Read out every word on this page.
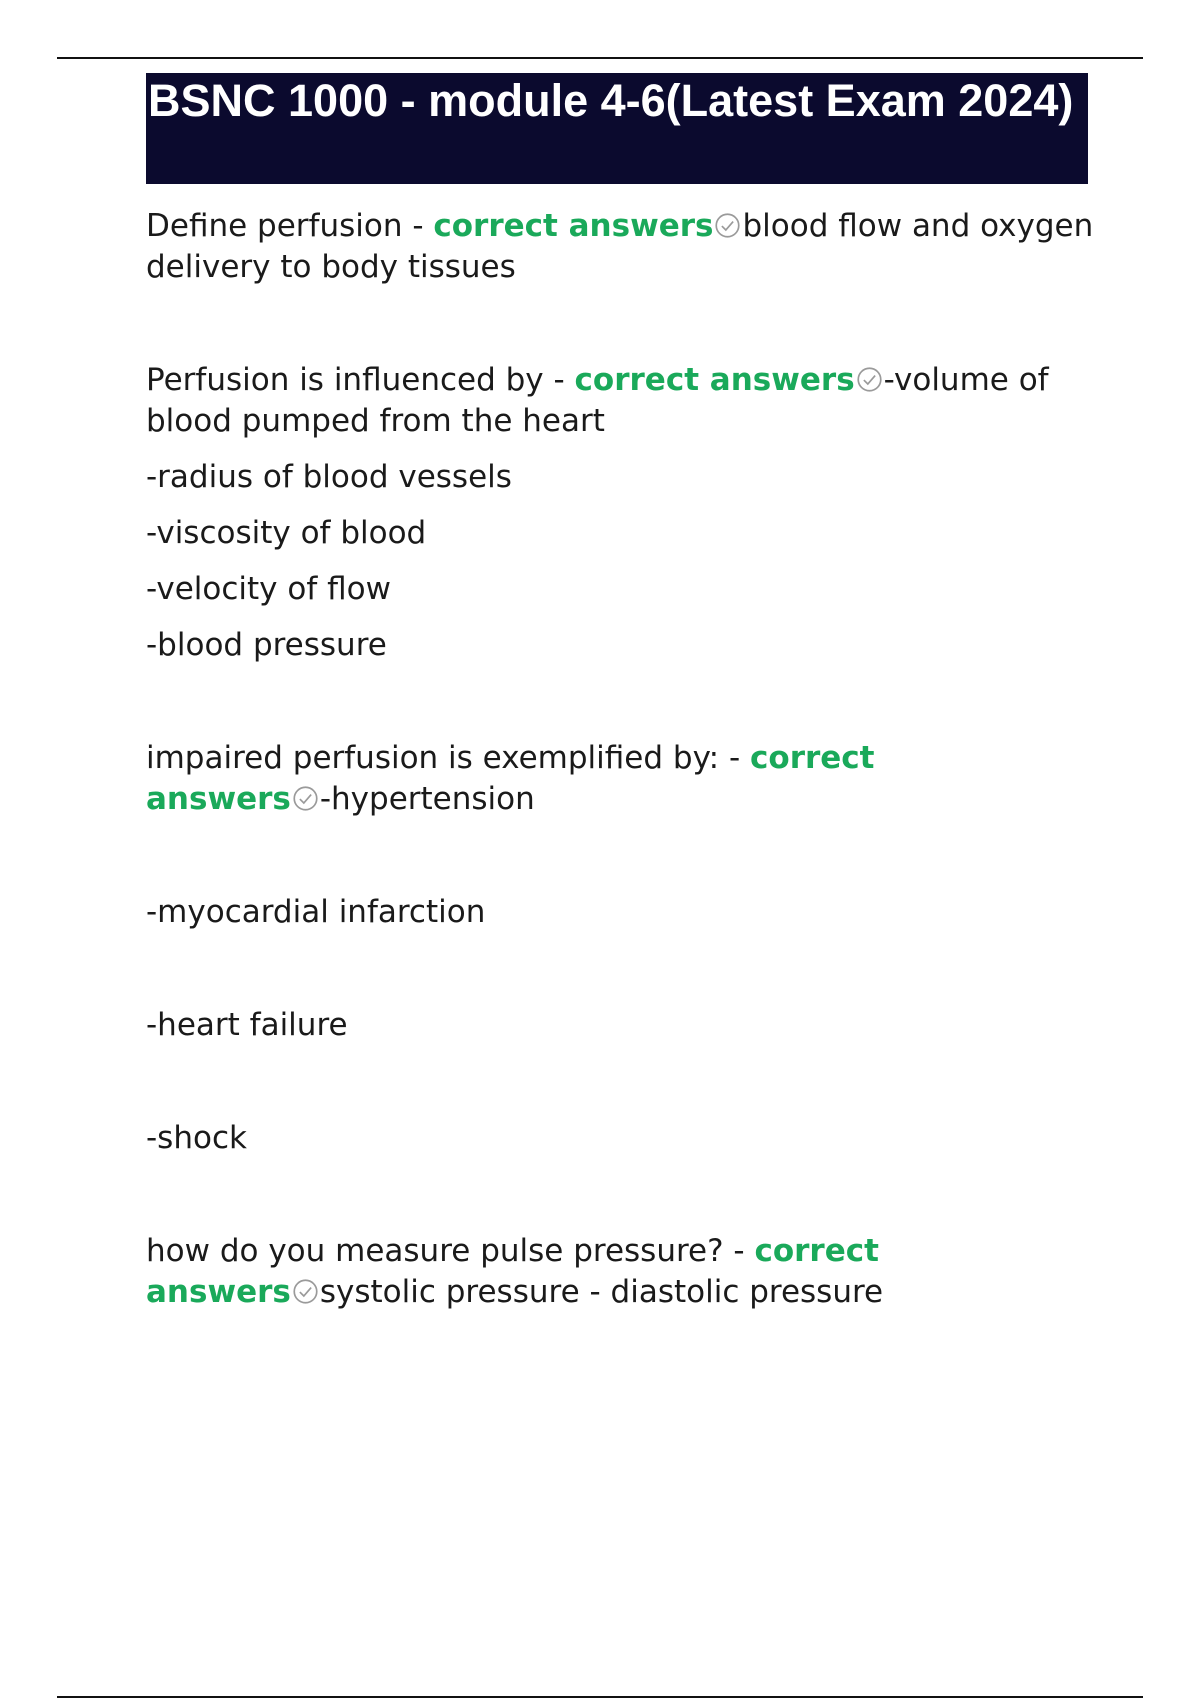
BSNC 1000 - module 4-6(Latest Exam 2024)

Define perfusion - correct answers blood flow and oxygen delivery to body tissues

Perfusion is influenced by - correct answers -volume of blood pumped from the heart

-radius of blood vessels

-viscosity of blood

-velocity of flow

-blood pressure

impaired perfusion is exemplified by: - correct answers -hypertension

-myocardial infarction

-heart failure

-shock

how do you measure pulse pressure? - correct answers systolic pressure - diastolic pressure
